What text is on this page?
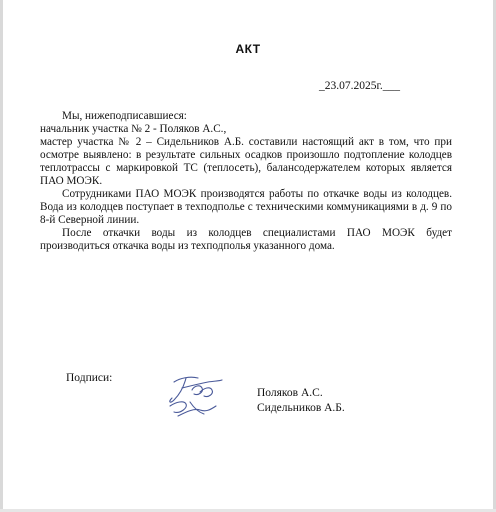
АКТ
_23.07.2025г.___

Мы, нижеподписавшиеся:

начальник участка № 2 - Поляков А.С.,

мастер участка № 2 – Сидельников А.Б. составили настоящий акт в том, что при осмотре выявлено: в результате сильных осадков произошло подтопление колодцев теплотрассы с маркировкой ТС (теплосеть), балансодержателем которых является ПАО МОЭК.

Сотрудниками ПАО МОЭК производятся работы по откачке воды из колодцев. Вода из колодцев поступает в техподполье с техническими коммуникациями в д. 9 по 8-й Северной линии.

После откачки воды из колодцев специалистами ПАО МОЭК будет производиться откачка воды из техподполья указанного дома.

Подписи:
Поляков А.С.
Сидельников А.Б.
